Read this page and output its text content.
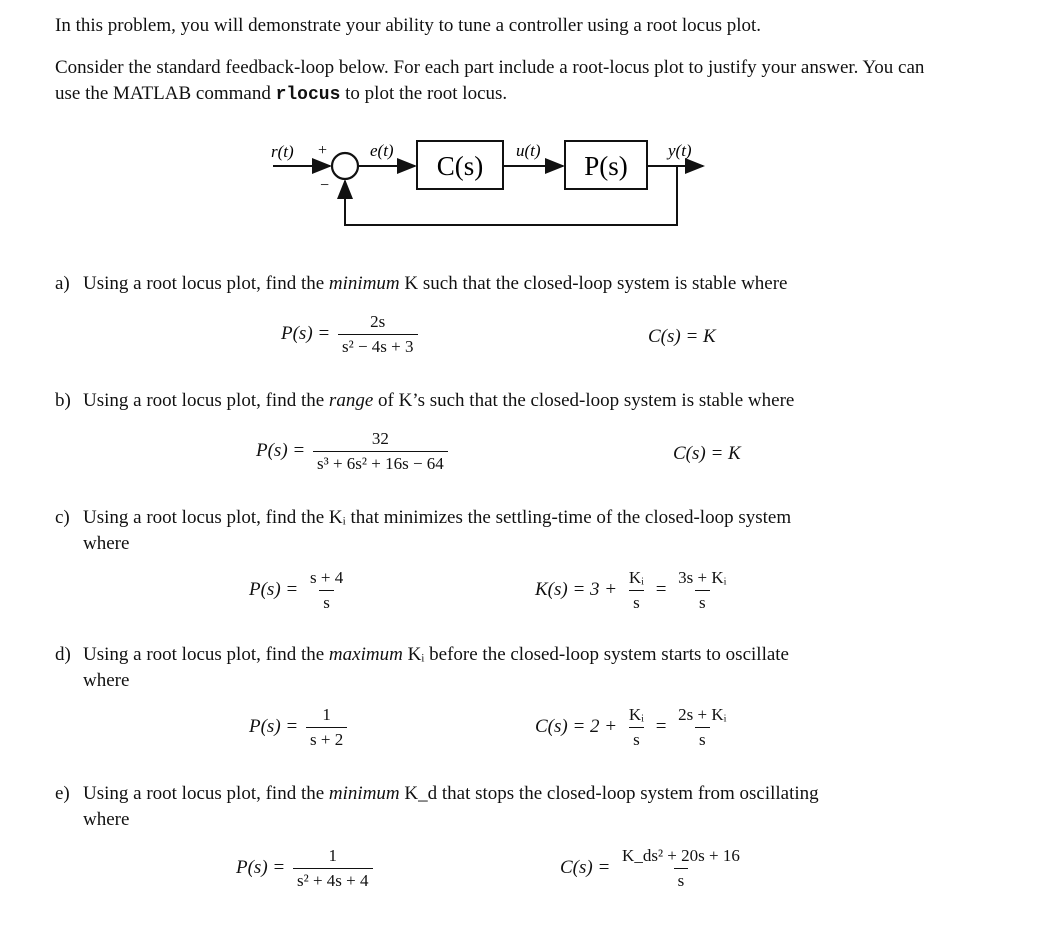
In this problem, you will demonstrate your ability to tune a controller using a root locus plot.
Consider the standard feedback-loop below. For each part include a root-locus plot to justify your answer. You can use the MATLAB command rlocus to plot the root locus.
r(t) +
−
e(t)
C(s)
u(t)
P(s)
y(t)
a) Using a root locus plot, find the minimum K such that the closed-loop system is stable where
$P(s) = \frac{2s}{\text{s² − 4s + 3}}$	C(s) = K
b) Using a root locus plot, find the range of K’s such that the closed-loop system is stable where
$P(s) = \frac{32}{\text{s³ + 6s² + 16s − 64}}$	C(s) = K
c) Using a root locus plot, find the Kᵢ that minimizes the settling-time of the closed-loop system
where
$P(s) = \frac{s + 4}{s}$	$K(s) = 3 + \frac{\text{Kᵢ}}{s} = \frac{\text{3s + Kᵢ}}{s}$
d) Using a root locus plot, find the maximum Kᵢ before the closed-loop system starts to oscillate
where
$P(s) = \frac{1}{s + 2}$	$C(s) = 2 + \frac{\text{Kᵢ}}{s} = \frac{\text{2s + Kᵢ}}{s}$
e) Using a root locus plot, find the minimum K_d that stops the closed-loop system from oscillating
where
$P(s) = \frac{1}{\text{s² + 4s + 4}}$	$C(s) = \frac{\text{K\_ds² + 20s + 16}}{s}$
